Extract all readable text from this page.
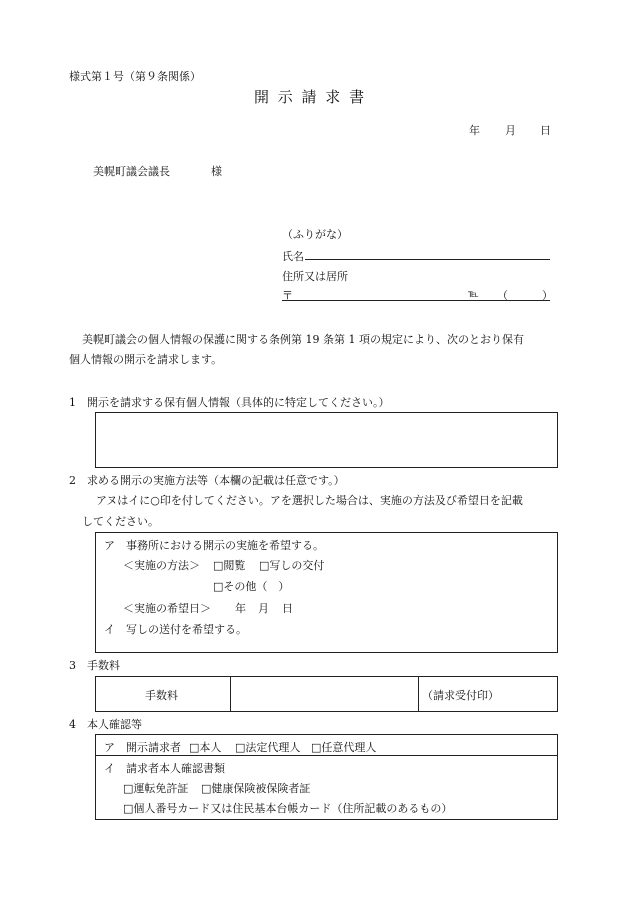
様式第１号（第９条関係）
開 示 請 求 書
年 月 日
美幌町議会議長	様
（ふりがな）
氏名
住所又は居所
〒	℡ （　　）
美幌町議会の個人情報の保護に関する条例第 19 条第 1 項の規定により、次のとおり保有
個人情報の開示を請求します。
1　開示を請求する保有個人情報（具体的に特定してください。）
2　求める開示の実施方法等（本欄の記載は任意です。）
アヌはイに○印を付してください。アを選択した場合は、実施の方法及び希望日を記載
してください。
ア　事務所における開示の実施を希望する。
＜実施の方法＞ □閲覧 □写しの交付
□その他（　）
＜実施の希望日＞ 年 月 日
イ　写しの送付を希望する。
3　手数料
手数料	（請求受付印）
4　本人確認等
ア　開示請求者 □本人 □法定代理人 □任意代理人
イ　請求者本人確認書類
□運転免許証 □健康保険被保険者証
□個人番号カード又は住民基本台帳カード（住所記載のあるもの）
